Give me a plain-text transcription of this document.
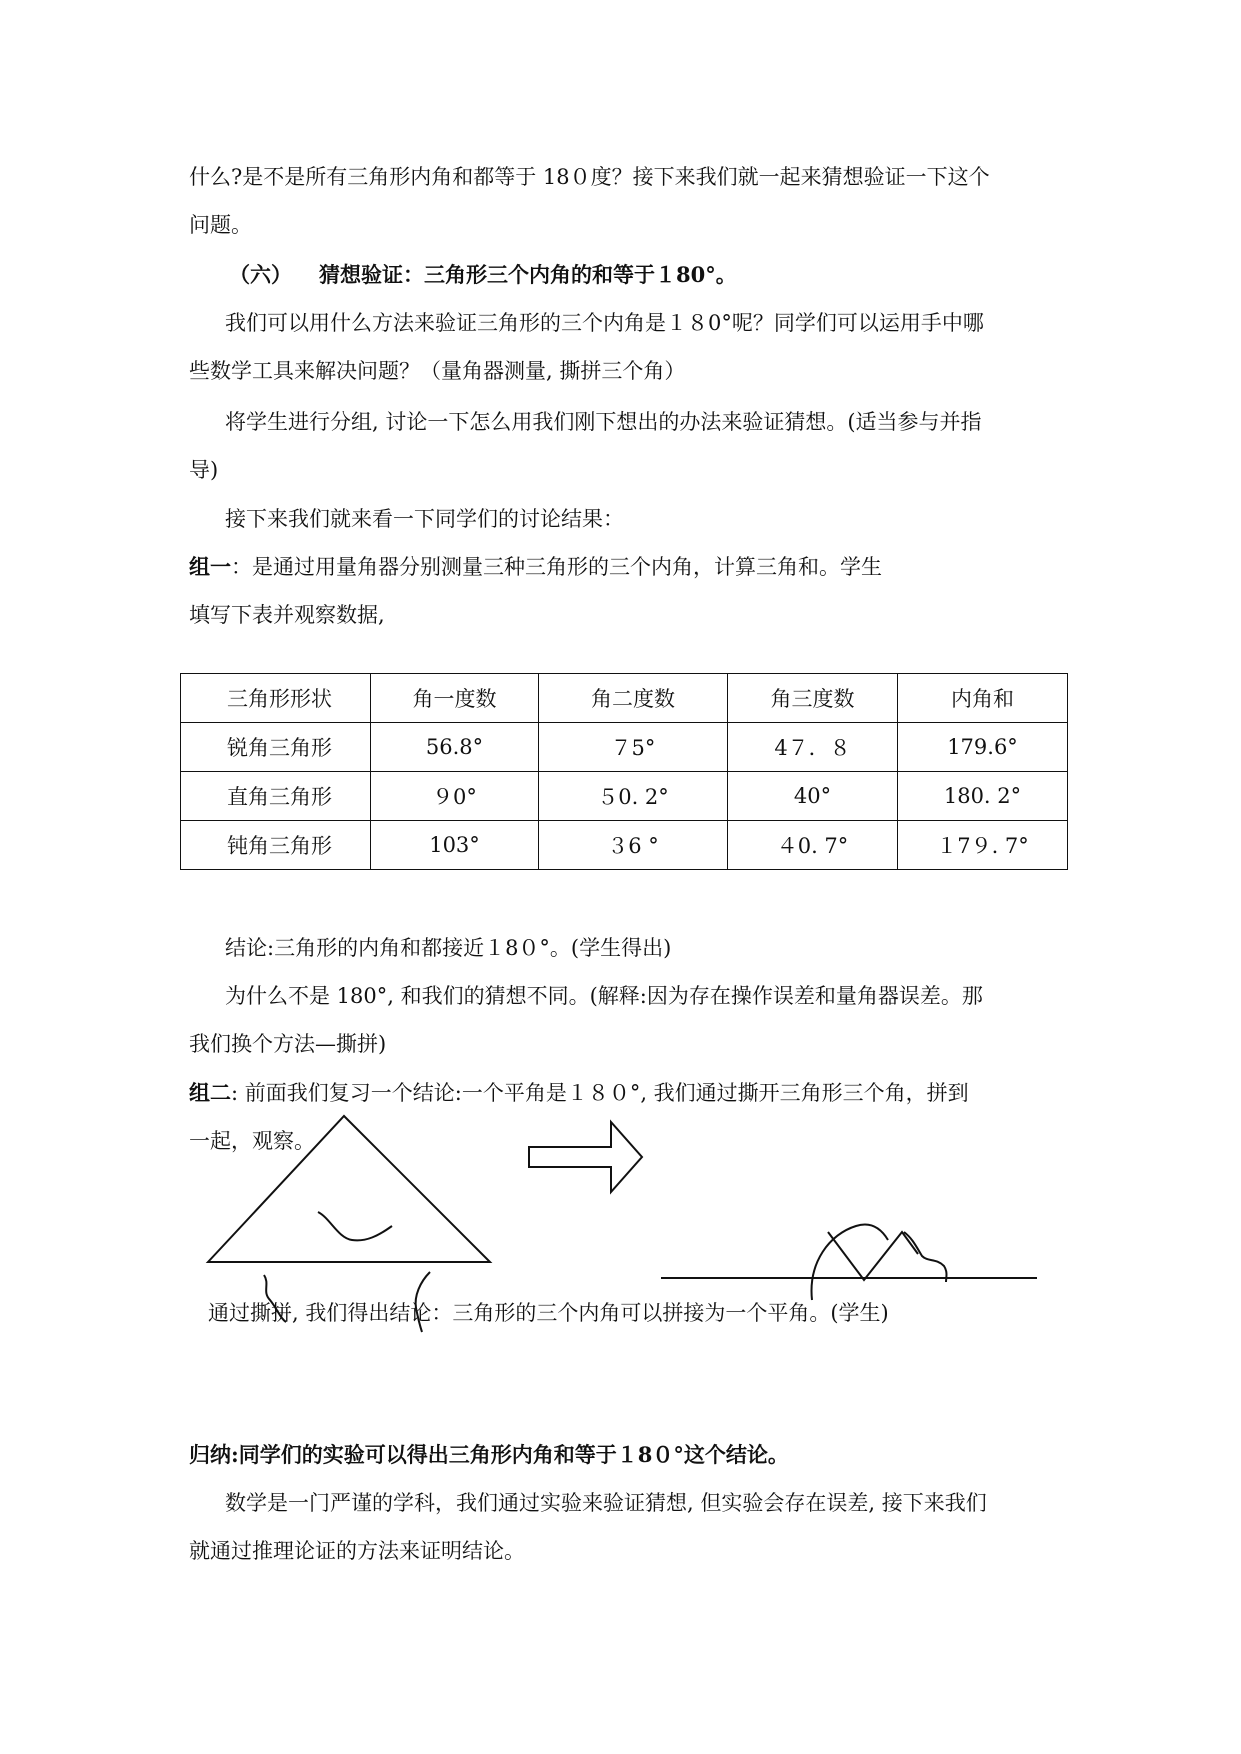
什么?是不是所有三角形内角和都等于 18０度？接下来我们就一起来猜想验证一下这个
问题。
（六） 猜想验证：三角形三个内角的和等于１80°。
我们可以用什么方法来验证三角形的三个内角是１８0°呢？同学们可以运用手中哪
些数学工具来解决问题？（量角器测量, 撕拼三个角）
将学生进行分组, 讨论一下怎么用我们刚下想出的办法来验证猜想。(适当参与并指
导)
接下来我们就来看一下同学们的讨论结果：
组一：是通过用量角器分别测量三种三角形的三个内角，计算三角和。学生
填写下表并观察数据,
三角形形状	角一度数	角二度数	角三度数	内角和
锐角三角形	56.8°	７5°	4７．８	179.6°
直角三角形	９0°	５0. 2°	40°	180. 2°
钝角三角形	103°	３6 °	４0. 7°	１7９. 7°
结论:三角形的内角和都接近１8０°。(学生得出)
为什么不是 180°, 和我们的猜想不同。(解释:因为存在操作误差和量角器误差。那
我们换个方法—撕拼)
组二: 前面我们复习一个结论:一个平角是１８０°, 我们通过撕开三角形三个角，拼到
一起，观察。
通过撕拼, 我们得出结论：三角形的三个内角可以拼接为一个平角。(学生)
归纳:同学们的实验可以得出三角形内角和等于１8０°这个结论。
数学是一门严谨的学科，我们通过实验来验证猜想, 但实验会存在误差, 接下来我们
就通过推理论证的方法来证明结论。
